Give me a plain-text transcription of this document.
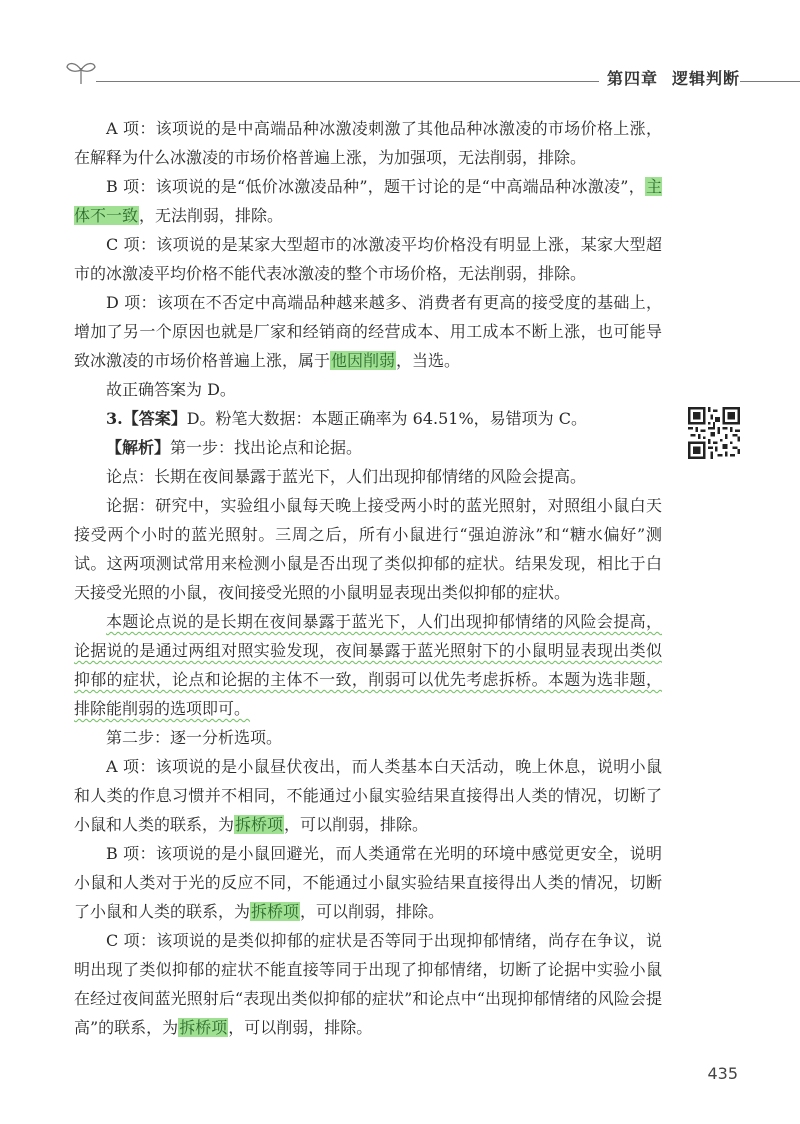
第四章 逻辑判断

A 项：该项说的是中高端品种冰激凌刺激了其他品种冰激凌的市场价格上涨，在解释为什么冰激凌的市场价格普遍上涨，为加强项，无法削弱，排除。

B 项：该项说的是“低价冰激凌品种”，题干讨论的是“中高端品种冰激凌”，主体不一致，无法削弱，排除。

C 项：该项说的是某家大型超市的冰激凌平均价格没有明显上涨，某家大型超市的冰激凌平均价格不能代表冰激凌的整个市场价格，无法削弱，排除。

D 项：该项在不否定中高端品种越来越多、消费者有更高的接受度的基础上，增加了另一个原因也就是厂家和经销商的经营成本、用工成本不断上涨，也可能导致冰激凌的市场价格普遍上涨，属于他因削弱，当选。

故正确答案为 D。

3.【答案】D。粉笔大数据：本题正确率为 64.51%，易错项为 C。

【解析】第一步：找出论点和论据。

论点：长期在夜间暴露于蓝光下，人们出现抑郁情绪的风险会提高。

论据：研究中，实验组小鼠每天晚上接受两小时的蓝光照射，对照组小鼠白天接受两个小时的蓝光照射。三周之后，所有小鼠进行“强迫游泳”和“糖水偏好”测试。这两项测试常用来检测小鼠是否出现了类似抑郁的症状。结果发现，相比于白天接受光照的小鼠，夜间接受光照的小鼠明显表现出类似抑郁的症状。

本题论点说的是长期在夜间暴露于蓝光下，人们出现抑郁情绪的风险会提高，论据说的是通过两组对照实验发现，夜间暴露于蓝光照射下的小鼠明显表现出类似抑郁的症状，论点和论据的主体不一致，削弱可以优先考虑拆桥。本题为选非题，排除能削弱的选项即可。

第二步：逐一分析选项。

A 项：该项说的是小鼠昼伏夜出，而人类基本白天活动，晚上休息，说明小鼠和人类的作息习惯并不相同，不能通过小鼠实验结果直接得出人类的情况，切断了小鼠和人类的联系，为拆桥项，可以削弱，排除。

B 项：该项说的是小鼠回避光，而人类通常在光明的环境中感觉更安全，说明小鼠和人类对于光的反应不同，不能通过小鼠实验结果直接得出人类的情况，切断了小鼠和人类的联系，为拆桥项，可以削弱，排除。

C 项：该项说的是类似抑郁的症状是否等同于出现抑郁情绪，尚存在争议，说明出现了类似抑郁的症状不能直接等同于出现了抑郁情绪，切断了论据中实验小鼠在经过夜间蓝光照射后“表现出类似抑郁的症状”和论点中“出现抑郁情绪的风险会提高”的联系，为拆桥项，可以削弱，排除。

435
